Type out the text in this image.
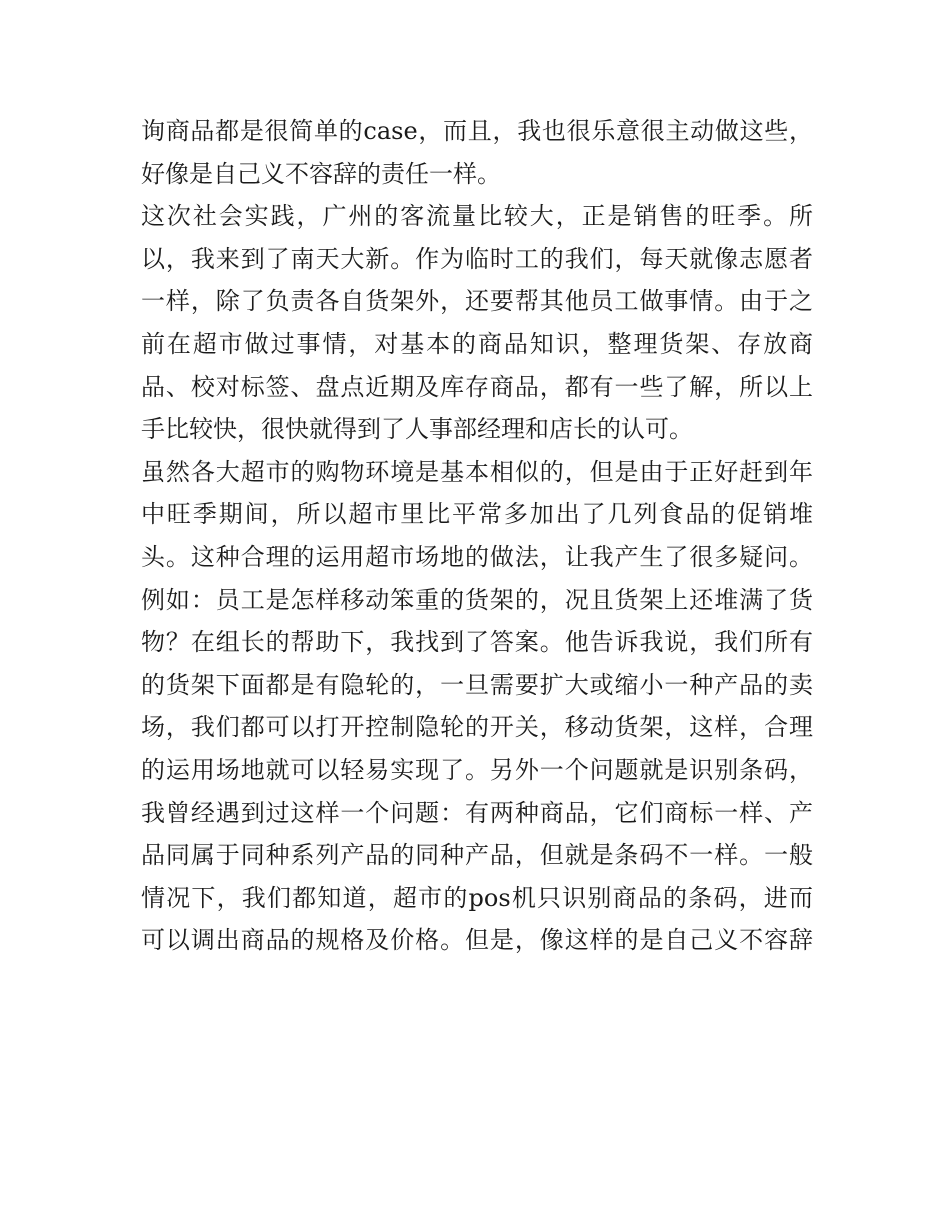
询商品都是很简单的case，而且，我也很乐意很主动做这些，
好像是自己义不容辞的责任一样。
这次社会实践，广州的客流量比较大，正是销售的旺季。所
以，我来到了南天大新。作为临时工的我们，每天就像志愿者
一样，除了负责各自货架外，还要帮其他员工做事情。由于之
前在超市做过事情，对基本的商品知识，整理货架、存放商
品、校对标签、盘点近期及库存商品，都有一些了解，所以上
手比较快，很快就得到了人事部经理和店长的认可。
虽然各大超市的购物环境是基本相似的，但是由于正好赶到年
中旺季期间，所以超市里比平常多加出了几列食品的促销堆
头。这种合理的运用超市场地的做法，让我产生了很多疑问。
例如：员工是怎样移动笨重的货架的，况且货架上还堆满了货
物？在组长的帮助下，我找到了答案。他告诉我说，我们所有
的货架下面都是有隐轮的，一旦需要扩大或缩小一种产品的卖
场，我们都可以打开控制隐轮的开关，移动货架，这样，合理
的运用场地就可以轻易实现了。另外一个问题就是识别条码，
我曾经遇到过这样一个问题：有两种商品，它们商标一样、产
品同属于同种系列产品的同种产品，但就是条码不一样。一般
情况下，我们都知道，超市的pos机只识别商品的条码，进而
可以调出商品的规格及价格。但是，像这样的是自己义不容辞
